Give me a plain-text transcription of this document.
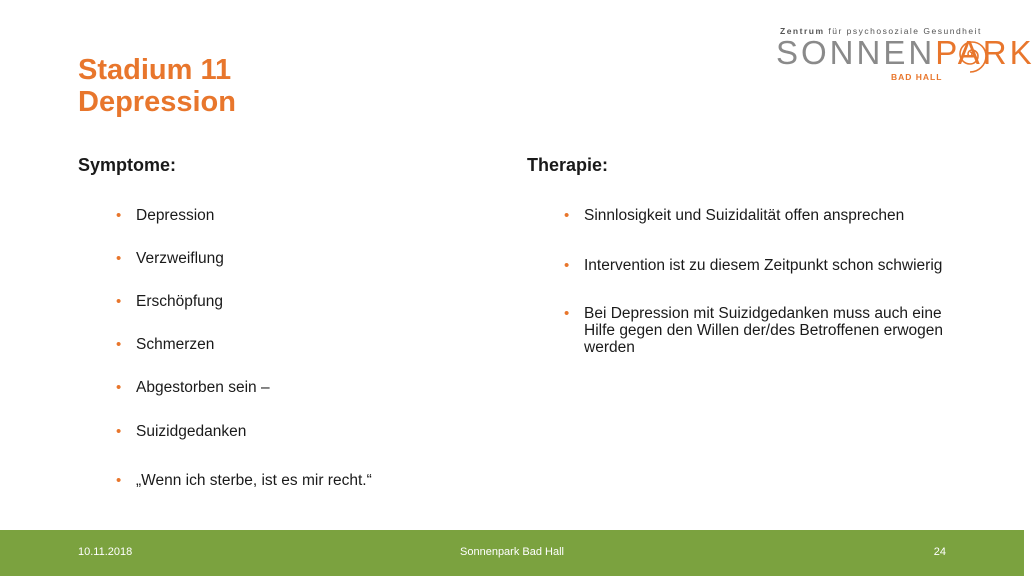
Stadium 11
Depression
Zentrum für psychosoziale Gesundheit
SONNENPARK
BAD HALL
Symptome:	Therapie:
• Depression
• Verzweiflung
• Erschöpfung
• Schmerzen
• Abgestorben sein –
• Suizidgedanken
• „Wenn ich sterbe, ist es mir recht.“
• Sinnlosigkeit und Suizidalität offen ansprechen
• Intervention ist zu diesem Zeitpunkt schon schwierig
• Bei Depression mit Suizidgedanken muss auch eine Hilfe gegen den Willen der/des Betroffenen erwogen werden
10.11.2018	Sonnenpark Bad Hall	24
